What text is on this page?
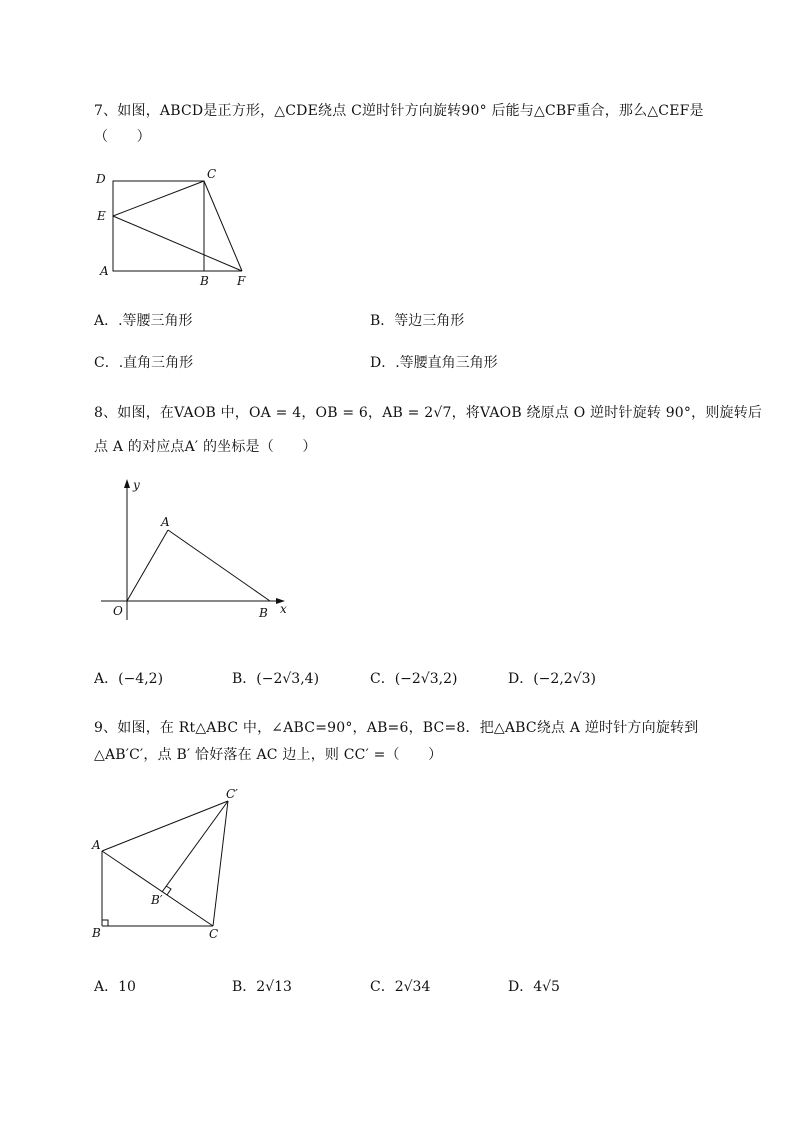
7、如图，ABCD是正方形，△CDE绕点 C逆时针方向旋转90° 后能与△CBF重合，那么△CEF是
（　　）
D	C
E
A
B F
A．.等腰三角形	B．等边三角形
C．.直角三角形	D．.等腰直角三角形
8、如图，在VAOB 中，OA = 4，OB = 6，AB = 2√7，将VAOB 绕原点 O 逆时针旋转 90°，则旋转后
点 A 的对应点A′ 的坐标是（　　）
y
x
O
A
B
A．(−4,2)	B．(−2√3,4)	C．(−2√3,2)	D．(−2,2√3)
9、如图，在 Rt△ABC 中，∠ABC=90°，AB=6，BC=8．把△ABC绕点 A 逆时针方向旋转到
△AB′C′，点 B′ 恰好落在 AC 边上，则 CC′ =（　　）
C′
A
B′
B	C
A．10	B．2√13	C．2√34	D．4√5
